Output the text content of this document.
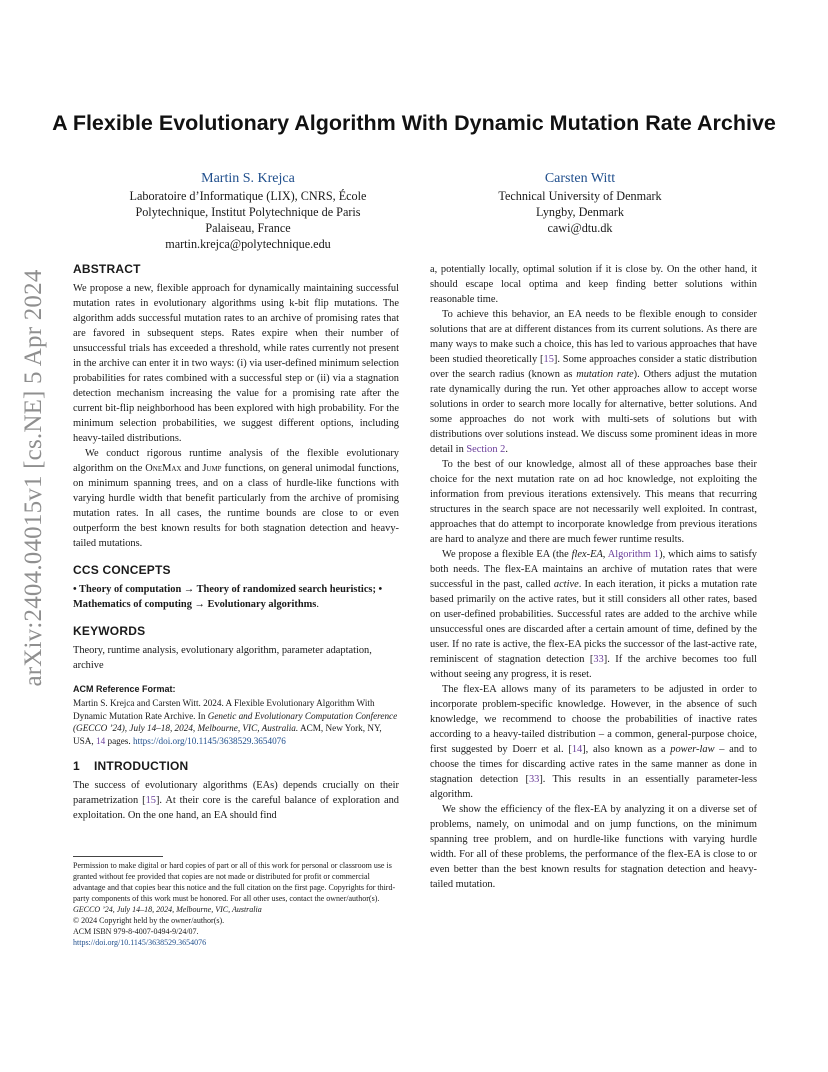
A Flexible Evolutionary Algorithm With Dynamic Mutation Rate Archive
Martin S. Krejca
Laboratoire d’Informatique (LIX), CNRS, École
Polytechnique, Institut Polytechnique de Paris
Palaiseau, France
martin.krejca@polytechnique.edu
Carsten Witt
Technical University of Denmark
Lyngby, Denmark
cawi@dtu.dk
arXiv:2404.04015v1 [cs.NE] 5 Apr 2024
ABSTRACT

We propose a new, flexible approach for dynamically maintaining successful mutation rates in evolutionary algorithms using k-bit flip mutations. The algorithm adds successful mutation rates to an archive of promising rates that are favored in subsequent steps. Rates expire when their number of unsuccessful trials has exceeded a threshold, while rates currently not present in the archive can enter it in two ways: (i) via user-defined minimum selection probabilities for rates combined with a successful step or (ii) via a stagnation detection mechanism increasing the value for a promising rate after the current bit-flip neighborhood has been explored with high probability. For the minimum selection probabilities, we suggest different options, including heavy-tailed distributions.

We conduct rigorous runtime analysis of the flexible evolutionary algorithm on the OneMax and Jump functions, on general unimodal functions, on minimum spanning trees, and on a class of hurdle-like functions with varying hurdle width that benefit particularly from the archive of promising mutation rates. In all cases, the runtime bounds are close to or even outperform the best known results for both stagnation detection and heavy-tailed mutations.

CCS CONCEPTS

• Theory of computation → Theory of randomized search heuristics; • Mathematics of computing → Evolutionary algorithms.

KEYWORDS

Theory, runtime analysis, evolutionary algorithm, parameter adaptation, archive

ACM Reference Format:

Martin S. Krejca and Carsten Witt. 2024. A Flexible Evolutionary Algorithm With Dynamic Mutation Rate Archive. In Genetic and Evolutionary Computation Conference (GECCO ’24), July 14–18, 2024, Melbourne, VIC, Australia. ACM, New York, NY, USA, 14 pages. https://doi.org/10.1145/3638529.3654076

1    INTRODUCTION

The success of evolutionary algorithms (EAs) depends crucially on their parametrization [15]. At their core is the careful balance of exploration and exploitation. On the one hand, an EA should find

Permission to make digital or hard copies of part or all of this work for personal or classroom use is granted without fee provided that copies are not made or distributed for profit or commercial advantage and that copies bear this notice and the full citation on the first page. Copyrights for third-party components of this work must be honored. For all other uses, contact the owner/author(s).
GECCO ’24, July 14–18, 2024, Melbourne, VIC, Australia
© 2024 Copyright held by the owner/author(s).
ACM ISBN 979-8-4007-0494-9/24/07.
https://doi.org/10.1145/3638529.3654076

a, potentially locally, optimal solution if it is close by. On the other hand, it should escape local optima and keep finding better solutions within reasonable time.

To achieve this behavior, an EA needs to be flexible enough to consider solutions that are at different distances from its current solutions. As there are many ways to make such a choice, this has led to various approaches that have been studied theoretically [15]. Some approaches consider a static distribution over the search radius (known as mutation rate). Others adjust the mutation rate dynamically during the run. Yet other approaches allow to accept worse solutions in order to search more locally for alternative, better solutions. And some approaches do not work with multi-sets of solutions but with distributions over solutions instead. We discuss some prominent ideas in more detail in Section 2.

To the best of our knowledge, almost all of these approaches base their choice for the next mutation rate on ad hoc knowledge, not exploiting the information from previous iterations extensively. This means that recurring structures in the search space are not necessarily well exploited. In contrast, approaches that do attempt to incorporate knowledge from previous iterations are hard to analyze and there are much fewer runtime results.

We propose a flexible EA (the flex-EA, Algorithm 1), which aims to satisfy both needs. The flex-EA maintains an archive of mutation rates that were successful in the past, called active. In each iteration, it picks a mutation rate based primarily on the active rates, but it still considers all other rates, based on user-defined probabilities. Successful rates are added to the archive while unsuccessful ones are discarded after a certain amount of time, defined by the user. If no rate is active, the flex-EA picks the successor of the last-active rate, reminiscent of stagnation detection [33]. If the archive becomes too full without seeing any progress, it is reset.

The flex-EA allows many of its parameters to be adjusted in order to incorporate problem-specific knowledge. However, in the absence of such knowledge, we recommend to choose the probabilities of inactive rates according to a heavy-tailed distribution – a common, general-purpose choice, first suggested by Doerr et al. [14], also known as a power-law – and to choose the times for discarding active rates in the same manner as done in stagnation detection [33]. This results in an essentially parameter-less algorithm.

We show the efficiency of the flex-EA by analyzing it on a diverse set of problems, namely, on unimodal and on jump functions, on the minimum spanning tree problem, and on hurdle-like functions with varying hurdle width. For all of these problems, the performance of the flex-EA is close to or even better than the best known results for stagnation detection and heavy-tailed mutation.
